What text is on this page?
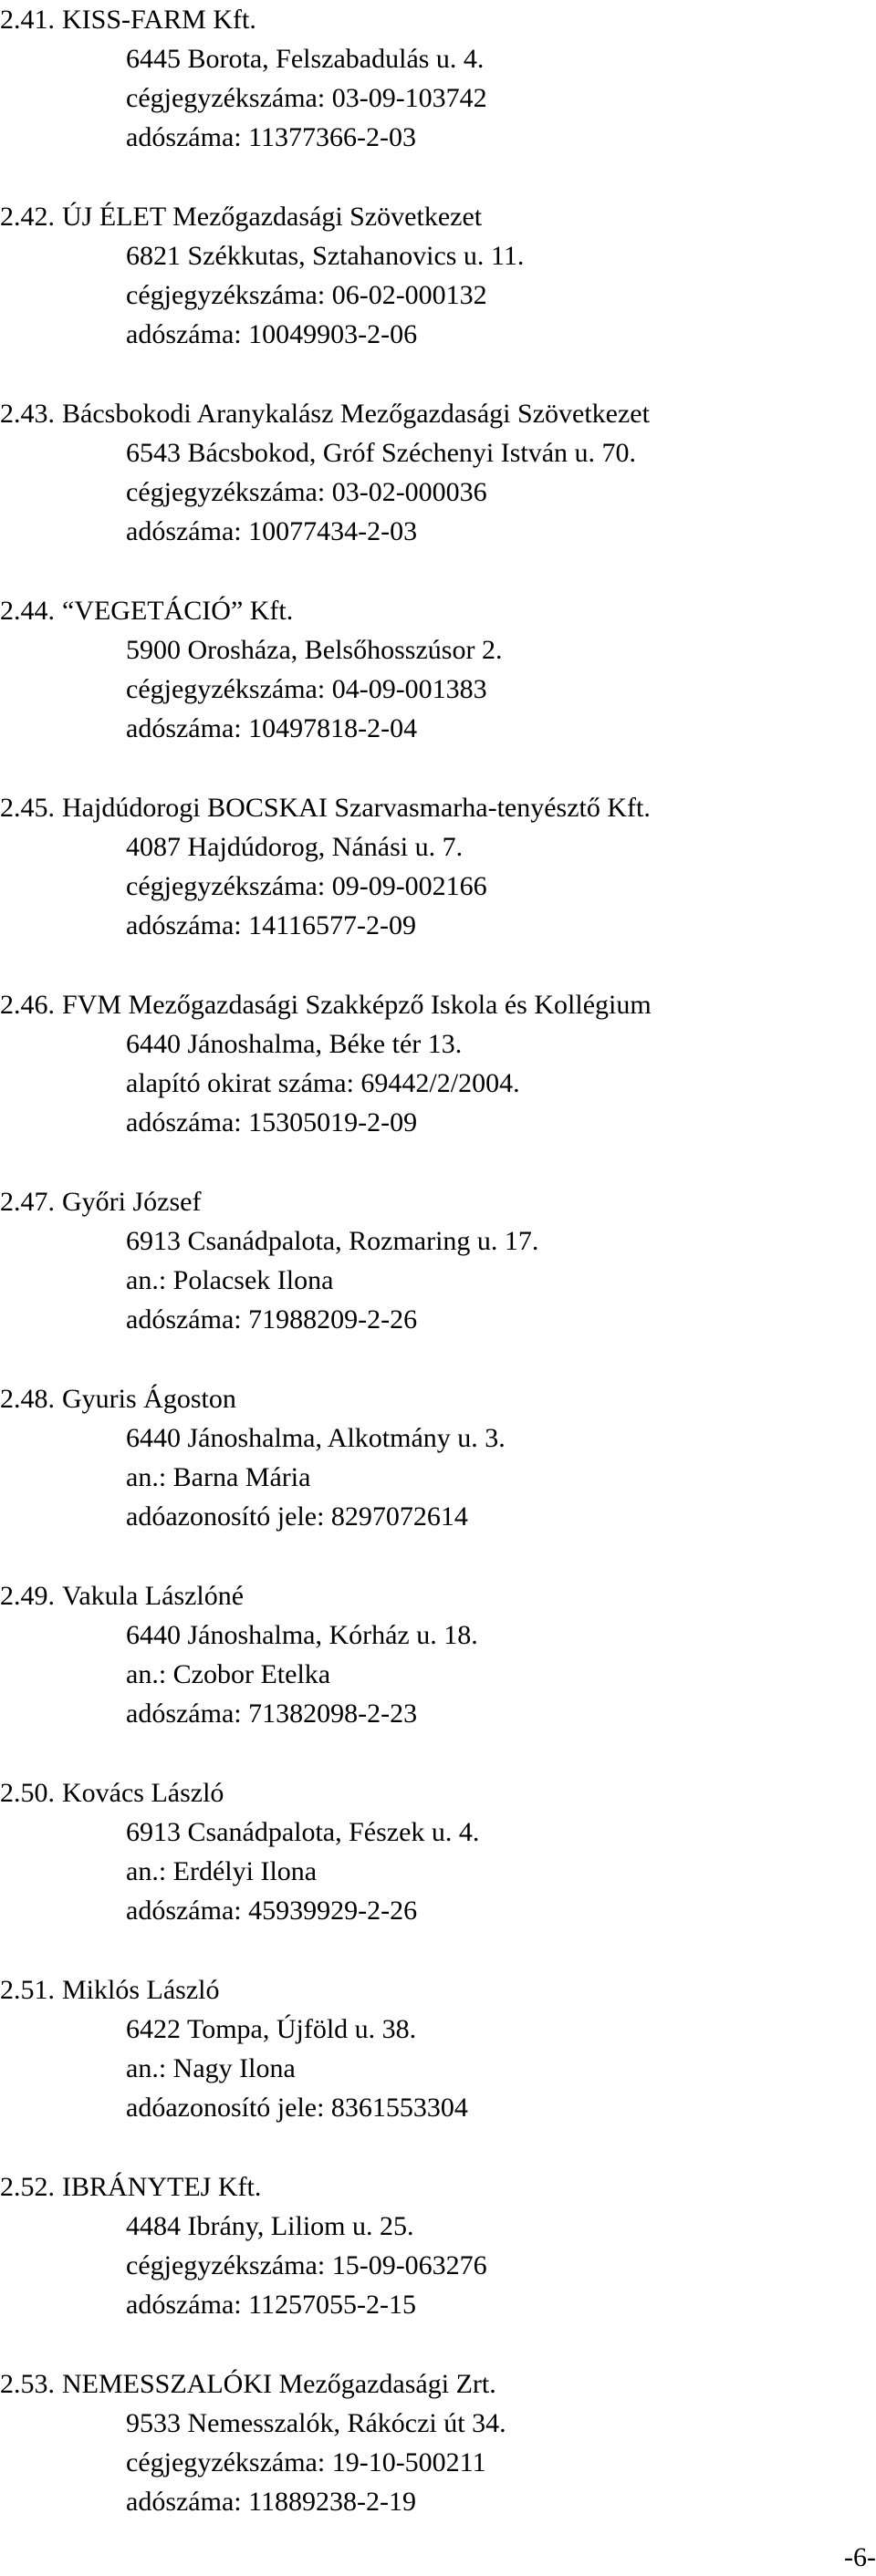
2.41. KISS-FARM Kft.
6445 Borota, Felszabadulás u. 4.
cégjegyzékszáma: 03-09-103742
adószáma: 11377366-2-03
2.42. ÚJ ÉLET Mezőgazdasági Szövetkezet
6821 Székkutas, Sztahanovics u. 11.
cégjegyzékszáma: 06-02-000132
adószáma: 10049903-2-06
2.43. Bácsbokodi Aranykalász Mezőgazdasági Szövetkezet
6543 Bácsbokod, Gróf Széchenyi István u. 70.
cégjegyzékszáma: 03-02-000036
adószáma: 10077434-2-03
2.44. “VEGETÁCIÓ” Kft.
5900 Orosháza, Belsőhosszúsor 2.
cégjegyzékszáma: 04-09-001383
adószáma: 10497818-2-04
2.45. Hajdúdorogi BOCSKAI Szarvasmarha-tenyésztő Kft.
4087 Hajdúdorog, Nánási u. 7.
cégjegyzékszáma: 09-09-002166
adószáma: 14116577-2-09
2.46. FVM Mezőgazdasági Szakképző Iskola és Kollégium
6440 Jánoshalma, Béke tér 13.
alapító okirat száma: 69442/2/2004.
adószáma: 15305019-2-09
2.47. Győri József
6913 Csanádpalota, Rozmaring u. 17.
an.: Polacsek Ilona
adószáma: 71988209-2-26
2.48. Gyuris Ágoston
6440 Jánoshalma, Alkotmány u. 3.
an.: Barna Mária
adóazonosító jele: 8297072614
2.49. Vakula Lászlóné
6440 Jánoshalma, Kórház u. 18.
an.: Czobor Etelka
adószáma: 71382098-2-23
2.50. Kovács László
6913 Csanádpalota, Fészek u. 4.
an.: Erdélyi Ilona
adószáma: 45939929-2-26
2.51. Miklós László
6422 Tompa, Újföld u. 38.
an.: Nagy Ilona
adóazonosító jele: 8361553304
2.52. IBRÁNYTEJ Kft.
4484 Ibrány, Liliom u. 25.
cégjegyzékszáma: 15-09-063276
adószáma: 11257055-2-15
2.53. NEMESSZALÓKI Mezőgazdasági Zrt.
9533 Nemesszalók, Rákóczi út 34.
cégjegyzékszáma: 19-10-500211
adószáma: 11889238-2-19
-6-
